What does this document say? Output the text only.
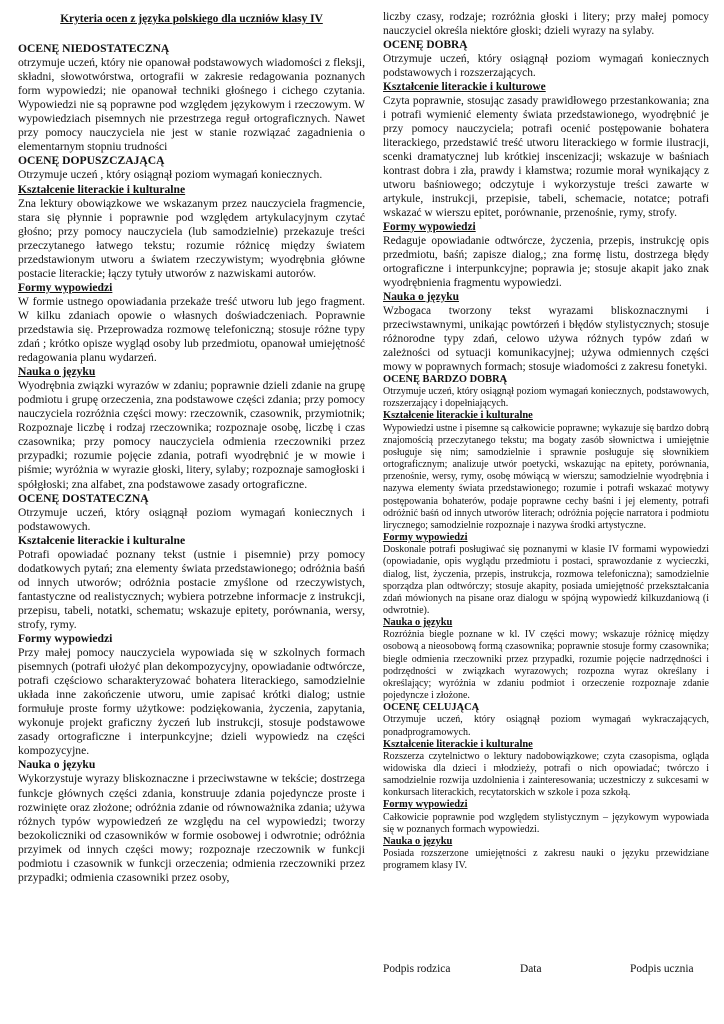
Kryteria ocen z języka polskiego dla uczniów klasy IV

OCENĘ NIEDOSTATECZNĄ

otrzymuje uczeń, który nie opanował podstawowych wiadomości z fleksji, składni, słowotwórstwa, ortografii w zakresie redagowania poznanych form wypowiedzi; nie opanował techniki głośnego i cichego czytania. Wypowiedzi nie są poprawne pod względem językowym i rzeczowym. W wypowiedziach pisemnych nie przestrzega reguł ortograficznych. Nawet przy pomocy nauczyciela nie jest w stanie rozwiązać zagadnienia o elementarnym stopniu trudności

OCENĘ DOPUSZCZAJĄCĄ

Otrzymuje uczeń , który osiągnął poziom wymagań koniecznych.

Kształcenie literackie i kulturalne

Zna lektury obowiązkowe we wskazanym przez nauczyciela fragmencie, stara się płynnie i poprawnie pod względem artykulacyjnym czytać głośno; przy pomocy nauczyciela (lub samodzielnie) przekazuje treści przeczytanego łatwego tekstu; rozumie różnicę między światem przedstawionym utworu a światem rzeczywistym; wyodrębnia główne postacie literackie; łączy tytuły utworów z nazwiskami autorów.

Formy wypowiedzi

W formie ustnego opowiadania przekaże treść utworu lub jego fragment. W kilku zdaniach opowie o własnych doświadczeniach. Poprawnie przedstawia się. Przeprowadza rozmowę telefoniczną; stosuje różne typy zdań ; krótko opisze wygląd osoby lub przedmiotu, opanował umiejętność redagowania planu wydarzeń.

Nauka o języku

Wyodrębnia związki wyrazów w zdaniu; poprawnie dzieli zdanie na grupę podmiotu i grupę orzeczenia, zna podstawowe części zdania; przy pomocy nauczyciela rozróżnia części mowy: rzeczownik, czasownik, przymiotnik; Rozpoznaje liczbę i rodzaj rzeczownika; rozpoznaje osobę, liczbę i czas czasownika; przy pomocy nauczyciela odmienia rzeczowniki przez przypadki; rozumie pojęcie zdania, potrafi wyodrębnić je w mowie i piśmie; wyróżnia w wyrazie głoski, litery, sylaby; rozpoznaje samogłoski i spółgłoski; zna alfabet, zna podstawowe zasady ortograficzne.

OCENĘ DOSTATECZNĄ

Otrzymuje uczeń, który osiągnął poziom wymagań koniecznych i podstawowych.

Kształcenie literackie i kulturalne

Potrafi opowiadać poznany tekst (ustnie i pisemnie) przy pomocy dodatkowych pytań; zna elementy świata przedstawionego; odróżnia baśń od innych utworów; odróżnia postacie zmyślone od rzeczywistych, fantastyczne od realistycznych; wybiera potrzebne informacje z instrukcji, przepisu, tabeli, notatki, schematu; wskazuje epitety, porównania, wersy, strofy, rymy.

Formy wypowiedzi

Przy małej pomocy nauczyciela wypowiada się w szkolnych formach pisemnych (potrafi ułożyć plan dekompozycyjny, opowiadanie odtwórcze, potrafi częściowo scharakteryzować bohatera literackiego, samodzielnie układa inne zakończenie utworu, umie zapisać krótki dialog; ustnie formułuje proste formy użytkowe: podziękowania, życzenia, zapytania, wykonuje projekt graficzny życzeń lub instrukcji, stosuje podstawowe zasady ortograficzne i interpunkcyjne; dzieli wypowiedz na części kompozycyjne.

Nauka o języku

Wykorzystuje wyrazy bliskoznaczne i przeciwstawne w tekście; dostrzega funkcje głównych części zdania, konstruuje zdania pojedyncze proste i rozwinięte oraz złożone; odróżnia zdanie od równoważnika zdania; używa różnych typów wypowiedzeń ze względu na cel wypowiedzi; tworzy bezokoliczniki od czasowników w formie osobowej i odwrotnie; odróżnia przyimek od innych części mowy; rozpoznaje rzeczownik w funkcji podmiotu i czasownik w funkcji orzeczenia; odmienia rzeczowniki przez przypadki; odmienia czasowniki przez osoby,

liczby czasy, rodzaje; rozróżnia głoski i litery; przy małej pomocy nauczyciel określa niektóre głoski; dzieli wyrazy na sylaby.

OCENĘ DOBRĄ

Otrzymuje uczeń, który osiągnął poziom wymagań koniecznych podstawowych i rozszerzających.

Kształcenie literackie i kulturowe

Czyta poprawnie, stosując zasady prawidłowego przestankowania; zna i potrafi wymienić elementy świata przedstawionego, wyodrębnić je przy pomocy nauczyciela; potrafi ocenić postępowanie bohatera literackiego, przedstawić treść utworu literackiego w formie ilustracji, scenki dramatycznej lub krótkiej inscenizacji; wskazuje w baśniach kontrast dobra i zła, prawdy i kłamstwa; rozumie morał wynikający z utworu baśniowego; odczytuje i wykorzystuje treści zawarte w artykule, instrukcji, przepisie, tabeli, schemacie, notatce; potrafi wskazać w wierszu epitet, porównanie, przenośnie, rymy, strofy.

Formy wypowiedzi

Redaguje opowiadanie odtwórcze, życzenia, przepis, instrukcję opis przedmiotu, baśń; zapisze dialog,; zna formę listu, dostrzega błędy ortograficzne i interpunkcyjne; poprawia je; stosuje akapit jako znak wyodrębnienia fragmentu wypowiedzi.

Nauka o języku

Wzbogaca tworzony tekst wyrazami bliskoznacznymi i przeciwstawnymi, unikając powtórzeń i błędów stylistycznych; stosuje różnorodne typy zdań, celowo używa różnych typów zdań w zależności od sytuacji komunikacyjnej; używa odmiennych części mowy w poprawnych formach; stosuje wiadomości z zakresu fonetyki.

OCENĘ BARDZO DOBRĄ

Otrzymuje uczeń, który osiągnął poziom wymagań koniecznych, podstawowych, rozszerzający i dopełniających.

Kształcenie literackie i kulturalne

Wypowiedzi ustne i pisemne są całkowicie poprawne; wykazuje się bardzo dobrą znajomością przeczytanego tekstu; ma bogaty zasób słownictwa i umiejętnie posługuje się nim; samodzielnie i sprawnie posługuje się słownikiem ortograficznym; analizuje utwór poetycki, wskazując na epitety, porównania, przenośnie, wersy, rymy, osobę mówiącą w wierszu; samodzielnie wyodrębnia i nazywa elementy świata przedstawionego; rozumie i potrafi wskazać motywy postępowania bohaterów, podaje poprawne cechy baśni i jej elementy, potrafi odróżnić baśń od innych utworów literach; odróżnia pojęcie narratora i podmiotu lirycznego; samodzielnie rozpoznaje i nazywa środki artystyczne.

Formy wypowiedzi

Doskonale potrafi posługiwać się poznanymi w klasie IV formami wypowiedzi (opowiadanie, opis wyglądu przedmiotu i postaci, sprawozdanie z wycieczki, dialog, list, życzenia, przepis, instrukcja, rozmowa telefoniczna); samodzielnie sporządza plan odtwórczy; stosuje akapity, posiada umiejętność przekształcania zdań mówionych na pisane oraz dialogu w spójną wypowiedź kilkuzdaniową (i odwrotnie).

Nauka o języku

Rozróżnia biegle poznane w kl. IV części mowy; wskazuje różnicę między osobową a nieosobową formą czasownika; poprawnie stosuje formy czasownika; biegle odmienia rzeczowniki przez przypadki, rozumie pojęcie nadrzędności i podrzędności w związkach wyrazowych; rozpozna wyraz określany i określający; wyróżnia w zdaniu podmiot i orzeczenie rozpoznaje zdanie pojedyncze i złożone.

OCENĘ CELUJĄCĄ

Otrzymuje uczeń, który osiągnął poziom wymagań wykraczających, ponadprogramowych.

Kształcenie literackie i kulturalne

Rozszerza czytelnictwo o lektury nadobowiązkowe; czyta czasopisma, ogląda widowiska dla dzieci i młodzieży, potrafi o nich opowiadać; twórczo i samodzielnie rozwija uzdolnienia i zainteresowania; uczestniczy z sukcesami w konkursach literackich, recytatorskich w szkole i poza szkołą.

Formy wypowiedzi

Całkowicie poprawnie pod względem stylistycznym – językowym wypowiada się w poznanych formach wypowiedzi.

Nauka o języku

Posiada rozszerzone umiejętności z zakresu nauki o języku przewidziane programem klasy IV.

Podpis rodzica	Data	Podpis ucznia
